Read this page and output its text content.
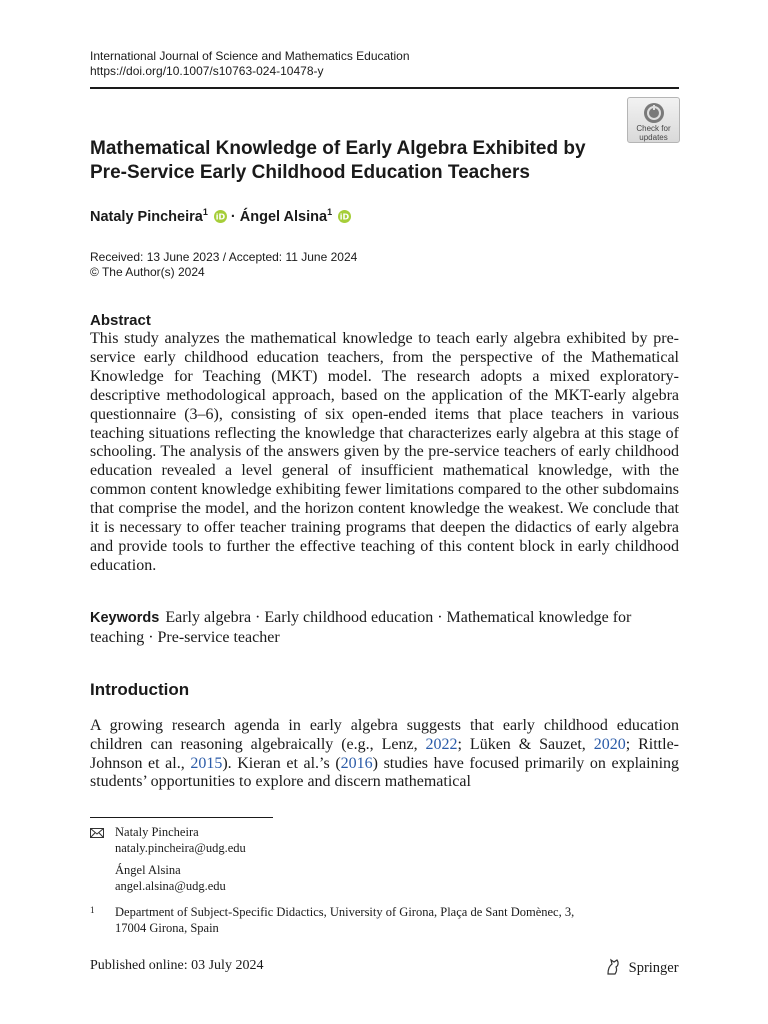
International Journal of Science and Mathematics Education
https://doi.org/10.1007/s10763-024-10478-y
Check for
updates
Mathematical Knowledge of Early Algebra Exhibited by Pre-Service Early Childhood Education Teachers
Nataly Pincheira$^1$ iD · Ángel Alsina$^1$ iD
Received: 13 June 2023 / Accepted: 11 June 2024
© The Author(s) 2024
Abstract
This study analyzes the mathematical knowledge to teach early algebra exhibited by pre-service early childhood education teachers, from the perspective of the Mathematical Knowledge for Teaching (MKT) model. The research adopts a mixed exploratory-descriptive methodological approach, based on the application of the MKT-early algebra questionnaire (3–6), consisting of six open-ended items that place teachers in various teaching situations reflecting the knowledge that characterizes early algebra at this stage of schooling. The analysis of the answers given by the pre-service teachers of early childhood education revealed a level general of insufficient mathematical knowledge, with the common content knowledge exhibiting fewer limitations compared to the other subdomains that comprise the model, and the horizon content knowledge the weakest. We conclude that it is necessary to offer teacher training programs that deepen the didactics of early algebra and provide tools to further the effective teaching of this content block in early childhood education.
Keywords Early algebra · Early childhood education · Mathematical knowledge for teaching · Pre-service teacher
Introduction
A growing research agenda in early algebra suggests that early childhood education children can reasoning algebraically (e.g., Lenz, 2022; Lüken & Sauzet, 2020; Rittle-Johnson et al., 2015). Kieran et al.’s (2016) studies have focused primarily on explaining students’ opportunities to explore and discern mathematical
Nataly Pincheira
nataly.pincheira@udg.edu
Ángel Alsina
angel.alsina@udg.edu
1 Department of Subject-Specific Didactics, University of Girona, Plaça de Sant Domènec, 3,
17004 Girona, Spain
Published online: 03 July 2024	Springer
